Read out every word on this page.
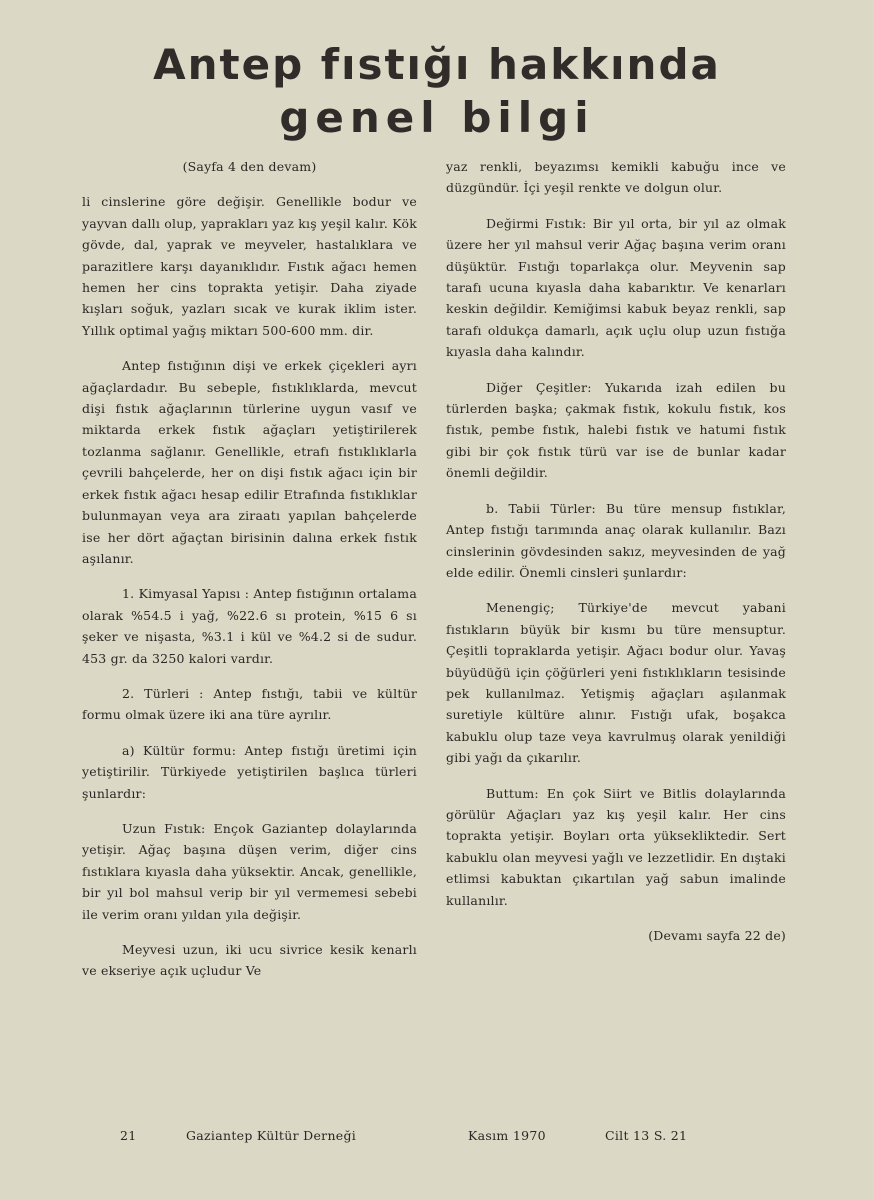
Antep fıstığı hakkında
genel bilgi

(Sayfa 4 den devam)

li cinslerine göre değişir. Genellikle bodur ve yayvan dallı olup, yaprakları yaz kış yeşil kalır. Kök gövde, dal, yaprak ve meyveler, hastalıklara ve parazitlere karşı dayanıklıdır. Fıstık ağacı hemen hemen her cins toprakta yetişir. Daha ziyade kışları soğuk, yazları sıcak ve kurak iklim ister. Yıllık optimal yağış miktarı 500-600 mm. dir.

Antep fıstığının dişi ve erkek çiçekleri ayrı ağaçlardadır. Bu sebeple, fıstıklıklarda, mevcut dişi fıstık ağaçlarının türlerine uygun vasıf ve miktarda erkek fıstık ağaçları yetiştirilerek tozlanma sağlanır. Genellikle, etrafı fıstıklıklarla çevrili bahçelerde, her on dişi fıstık ağacı için bir erkek fıstık ağacı hesap edilir Etrafında fıstıklıklar bulunmayan veya ara ziraatı yapılan bahçelerde ise her dört ağaçtan birisinin dalına erkek fıstık aşılanır.

1. Kimyasal Yapısı : Antep fıstığının ortalama olarak %54.5 i yağ, %22.6 sı protein, %15 6 sı şeker ve nişasta, %3.1 i kül ve %4.2 si de sudur. 453 gr. da 3250 kalori vardır.

2. Türleri : Antep fıstığı, tabii ve kültür formu olmak üzere iki ana türe ayrılır.

a) Kültür formu: Antep fıstığı üretimi için yetiştirilir. Türkiyede yetiştirilen başlıca türleri şunlardır:

Uzun Fıstık: Ençok Gaziantep dolaylarında yetişir. Ağaç başına düşen verim, diğer cins fıstıklara kıyasla daha yüksektir. Ancak, genellikle, bir yıl bol mahsul verip bir yıl vermemesi sebebi ile verim oranı yıldan yıla değişir.

Meyvesi uzun, iki ucu sivrice kesik kenarlı ve ekseriye açık uçludur Ve

yaz renkli, beyazımsı kemikli kabuğu ince ve düzgündür. İçi yeşil renkte ve dolgun olur.

Değirmi Fıstık: Bir yıl orta, bir yıl az olmak üzere her yıl mahsul verir Ağaç başına verim oranı düşüktür. Fıstığı toparlakça olur. Meyvenin sap tarafı ucuna kıyasla daha kabarıktır. Ve kenarları keskin değildir. Kemiğimsi kabuk beyaz renkli, sap tarafı oldukça damarlı, açık uçlu olup uzun fıstığa kıyasla daha kalındır.

Diğer Çeşitler: Yukarıda izah edilen bu türlerden başka; çakmak fıstık, kokulu fıstık, kos fıstık, pembe fıstık, halebi fıstık ve hatumi fıstık gibi bir çok fıstık türü var ise de bunlar kadar önemli değildir.

b. Tabii Türler: Bu türe mensup fıstıklar, Antep fıstığı tarımında anaç olarak kullanılır. Bazı cinslerinin gövdesinden sakız, meyvesinden de yağ elde edilir. Önemli cinsleri şunlardır:

Menengiç; Türkiye'de mevcut yabani fıstıkların büyük bir kısmı bu türe mensuptur. Çeşitli topraklarda yetişir. Ağacı bodur olur. Yavaş büyüdüğü için çöğürleri yeni fıstıklıkların tesisinde pek kullanılmaz. Yetişmiş ağaçları aşılanmak suretiyle kültüre alınır. Fıstığı ufak, boşakca kabuklu olup taze veya kavrulmuş olarak yenildiği gibi yağı da çıkarılır.

Buttum: En çok Siirt ve Bitlis dolaylarında görülür Ağaçları yaz kış yeşil kalır. Her cins toprakta yetişir. Boyları orta yüksekliktedir. Sert kabuklu olan meyvesi yağlı ve lezzetlidir. En dıştaki etlimsi kabuktan çıkartılan yağ sabun imalinde kullanılır.

(Devamı sayfa 22 de)

21	Gaziantep Kültür Derneği	Kasım 1970	Cilt 13 S. 21
